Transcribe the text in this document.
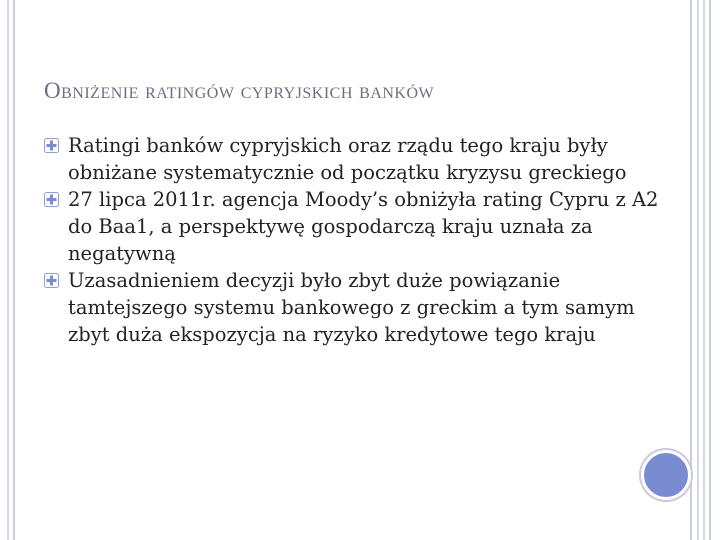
Obniżenie ratingów cypryjskich banków
Ratingi banków cypryjskich oraz rządu tego kraju były obniżane systematycznie od początku kryzysu greckiego
27 lipca 2011r. agencja Moody’s obniżyła rating Cypru z A2 do Baa1, a perspektywę gospodarczą kraju uznała za negatywną
Uzasadnieniem decyzji było zbyt duże powiązanie tamtejszego systemu bankowego z greckim a tym samym zbyt duża ekspozycja na ryzyko kredytowe tego kraju
